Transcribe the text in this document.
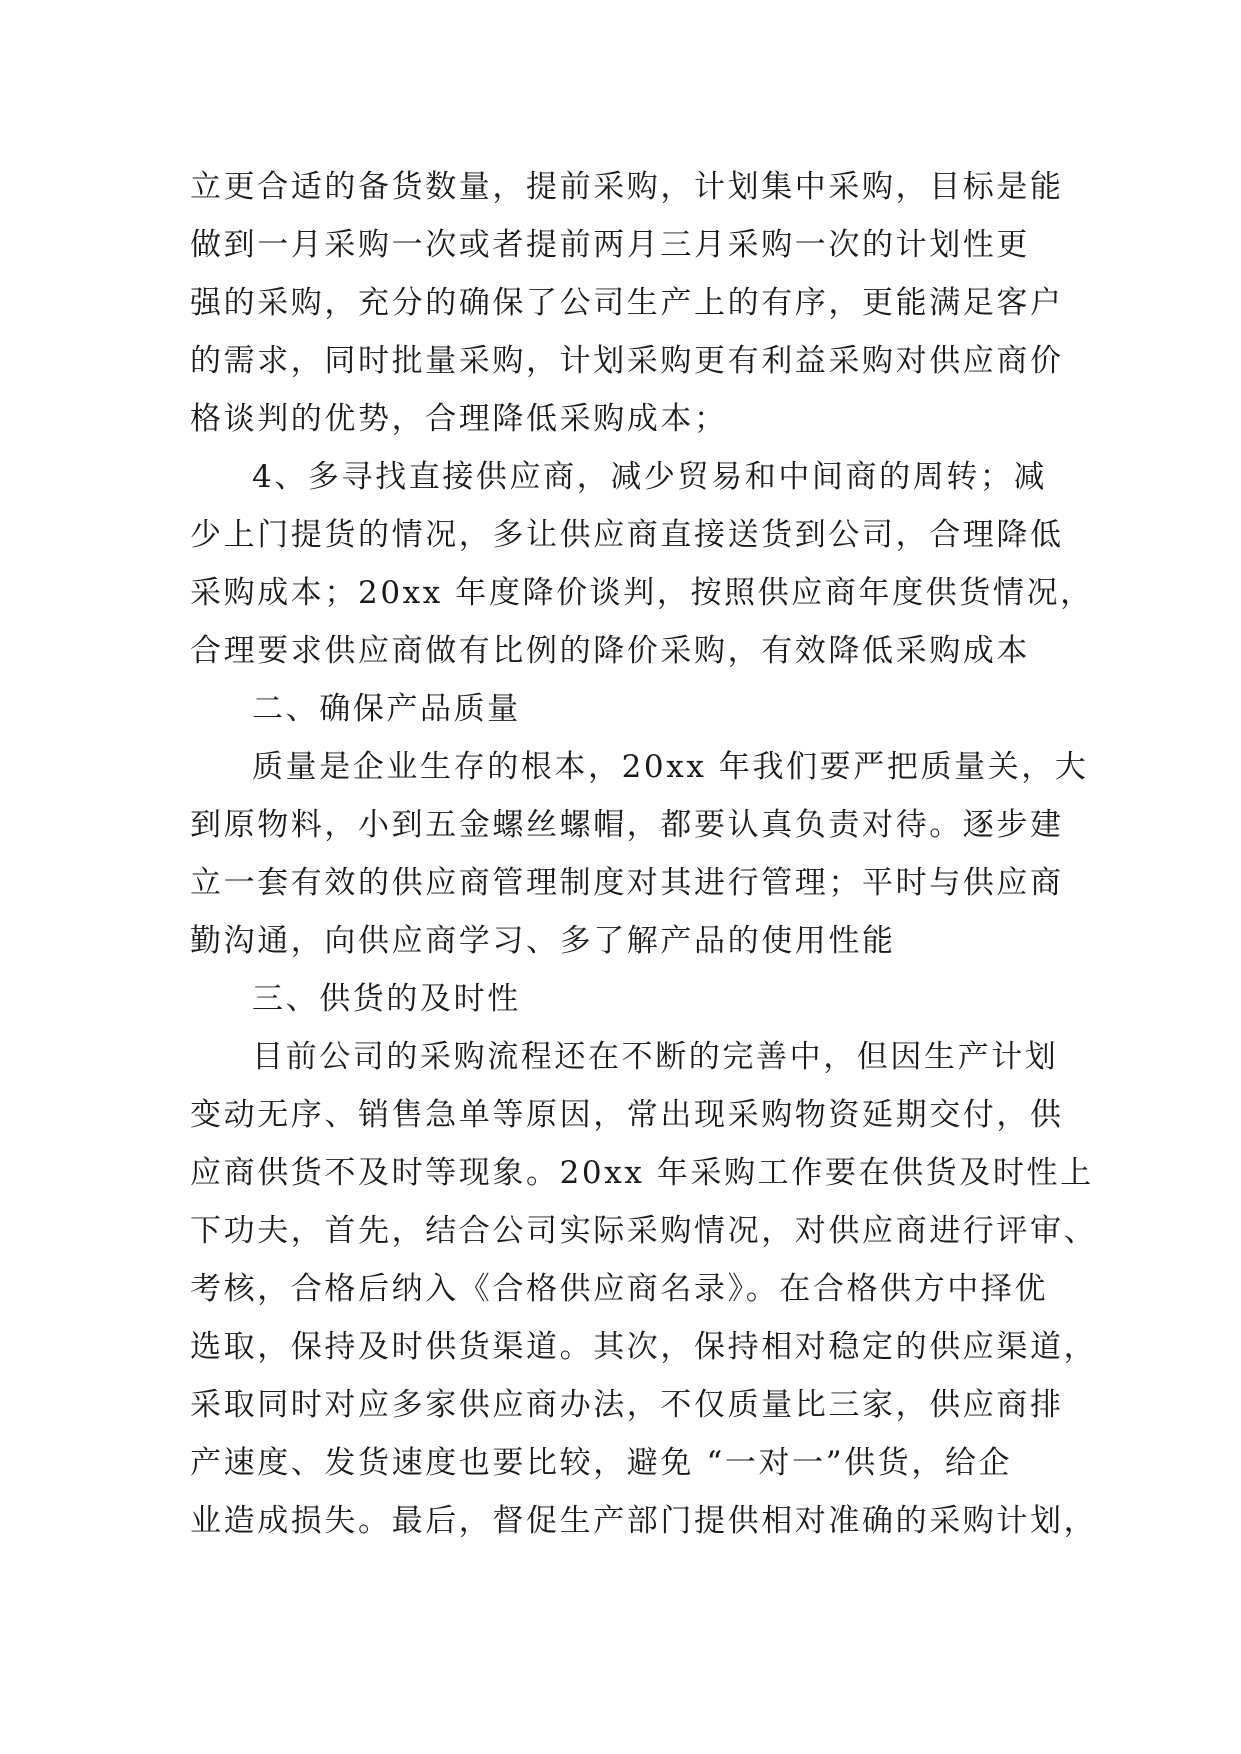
立更合适的备货数量，提前采购，计划集中采购，目标是能
做到一月采购一次或者提前两月三月采购一次的计划性更
强的采购，充分的确保了公司生产上的有序，更能满足客户
的需求，同时批量采购，计划采购更有利益采购对供应商价
格谈判的优势，合理降低采购成本；
4、多寻找直接供应商，减少贸易和中间商的周转；减
少上门提货的情况，多让供应商直接送货到公司，合理降低
采购成本；20xx 年度降价谈判，按照供应商年度供货情况，
合理要求供应商做有比例的降价采购，有效降低采购成本
二、确保产品质量
质量是企业生存的根本，20xx 年我们要严把质量关，大
到原物料，小到五金螺丝螺帽，都要认真负责对待。逐步建
立一套有效的供应商管理制度对其进行管理；平时与供应商
勤沟通，向供应商学习、多了解产品的使用性能
三、供货的及时性
目前公司的采购流程还在不断的完善中，但因生产计划
变动无序、销售急单等原因，常出现采购物资延期交付，供
应商供货不及时等现象。20xx 年采购工作要在供货及时性上
下功夫，首先，结合公司实际采购情况，对供应商进行评审、
考核，合格后纳入《合格供应商名录》。在合格供方中择优
选取，保持及时供货渠道。其次，保持相对稳定的供应渠道，
采取同时对应多家供应商办法，不仅质量比三家，供应商排
产速度、发货速度也要比较，避免 “一对一”供货，给企
业造成损失。最后，督促生产部门提供相对准确的采购计划，
